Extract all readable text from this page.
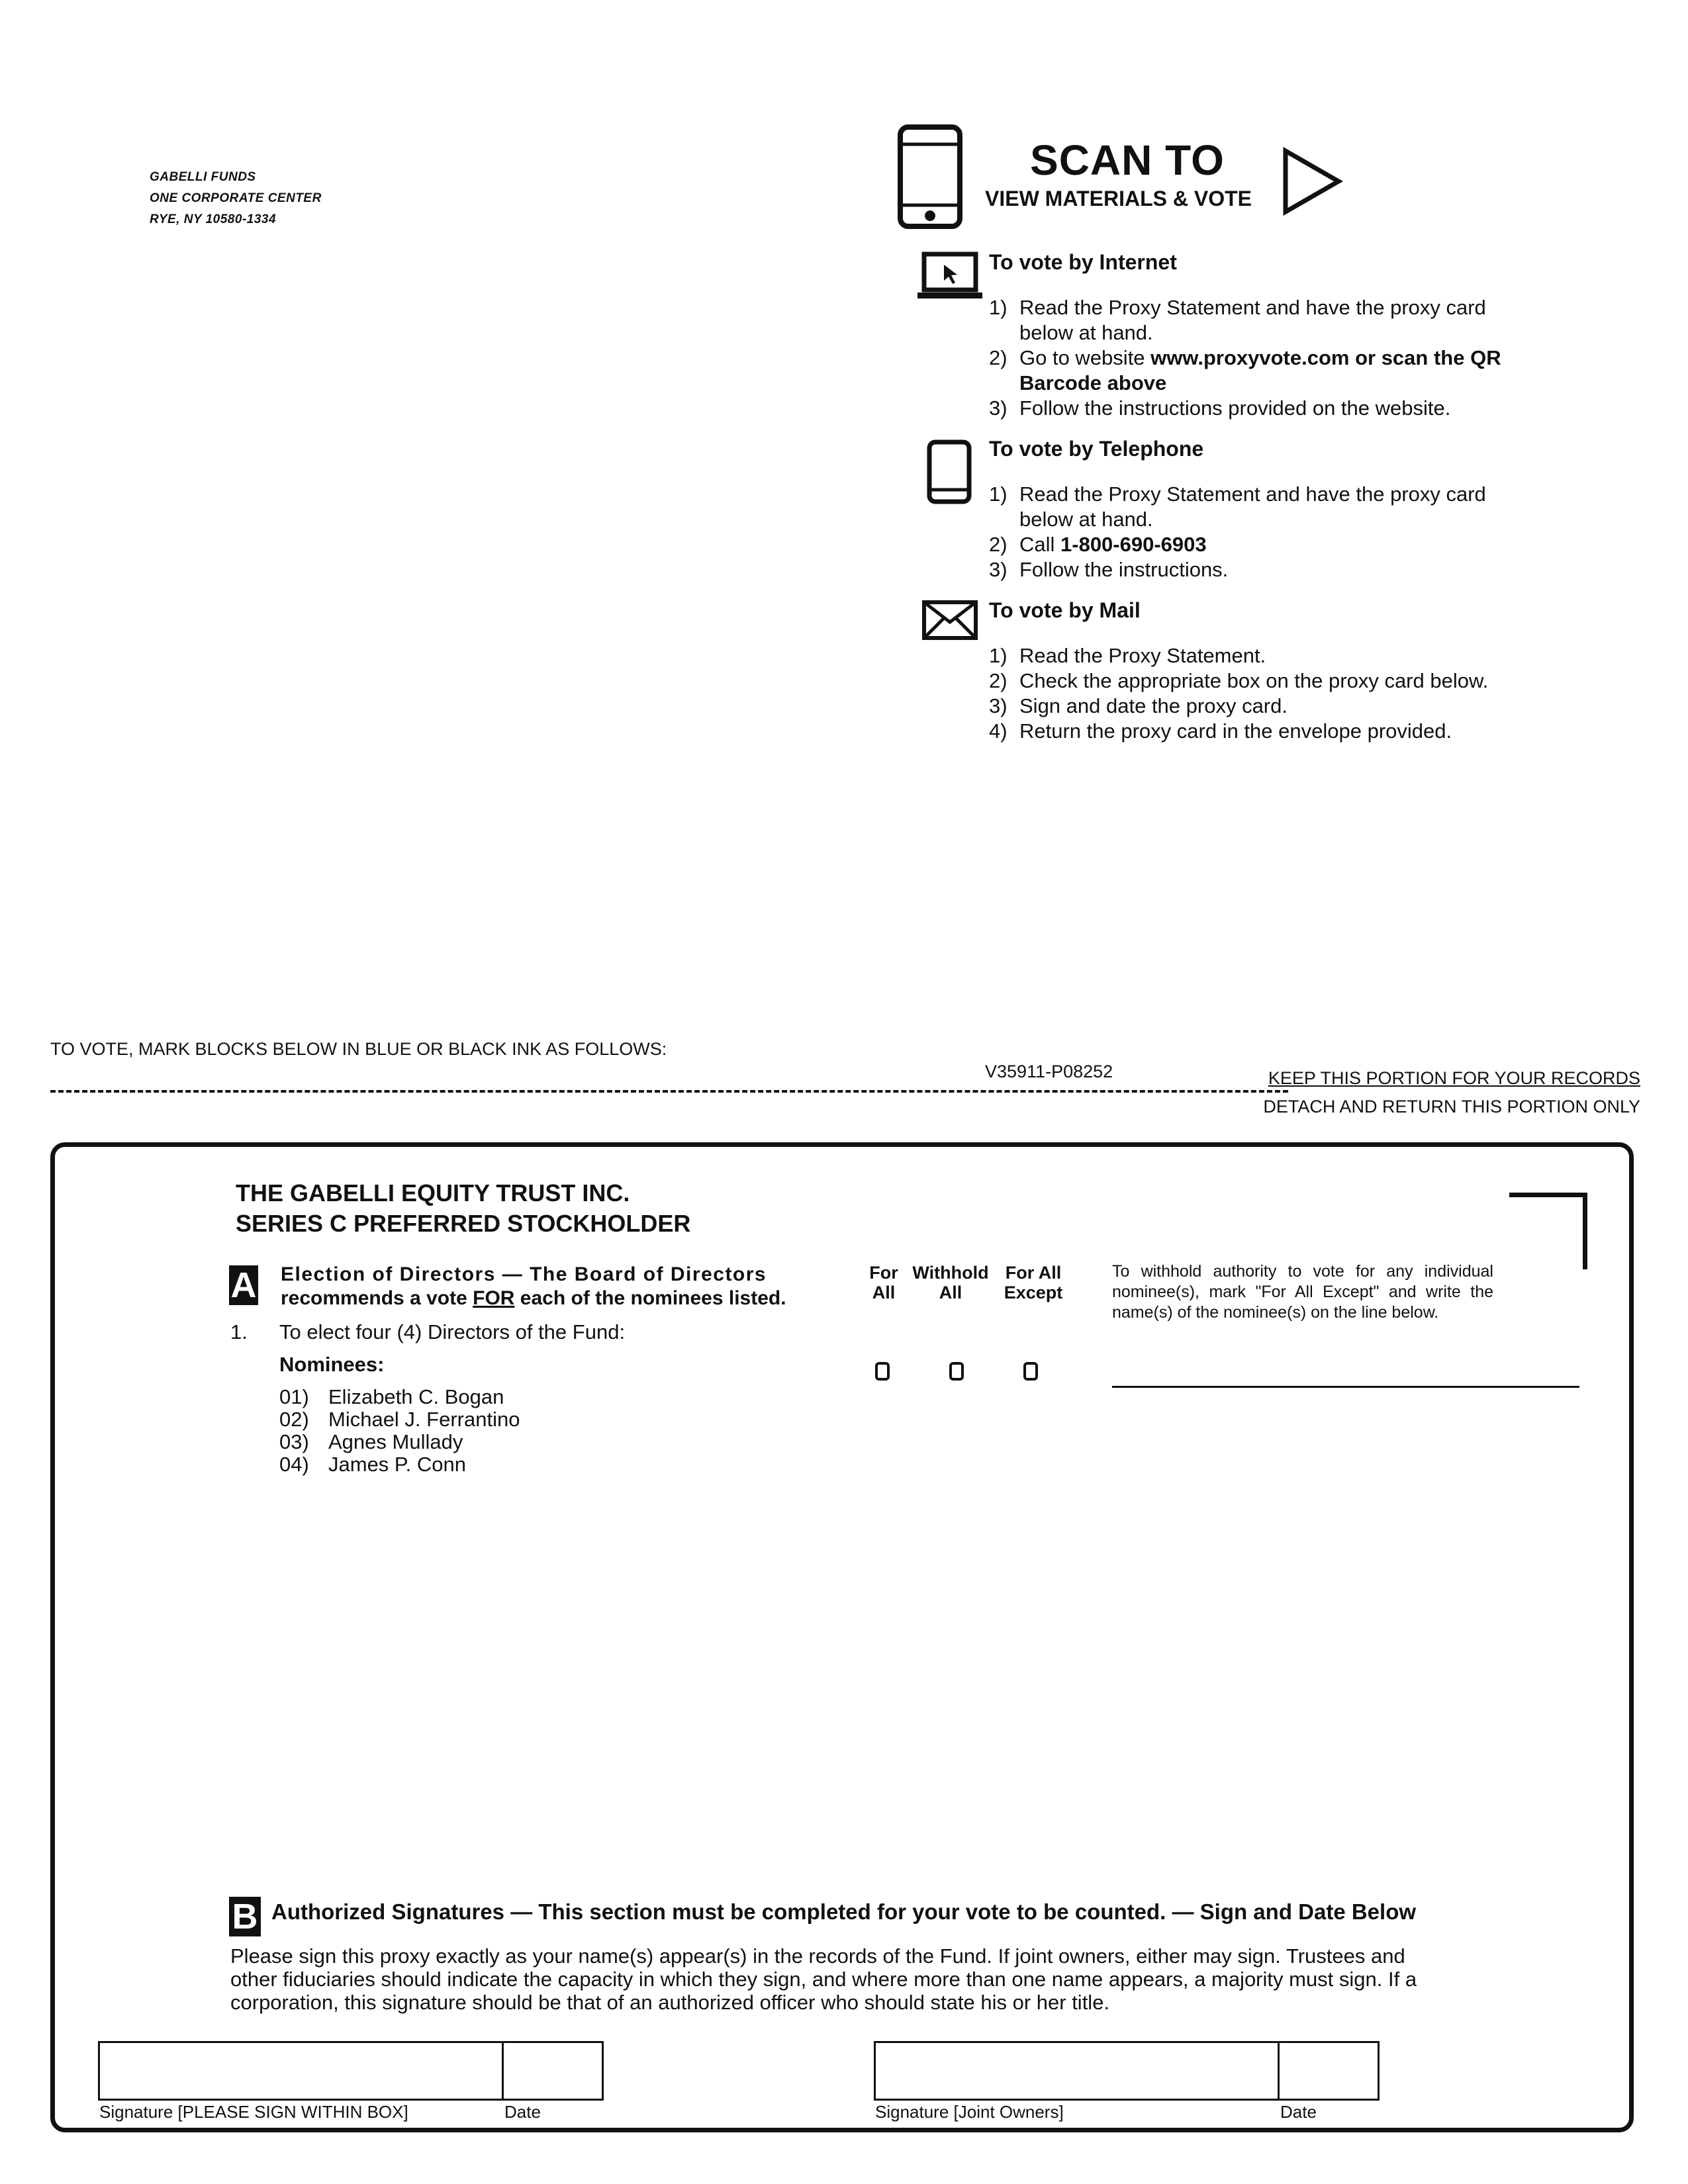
GABELLI FUNDS
ONE CORPORATE CENTER
RYE, NY 10580-1334
SCAN TO
VIEW MATERIALS & VOTE
To vote by Internet
1) Read the Proxy Statement and have the proxy card below at hand.
2) Go to website www.proxyvote.com or scan the QR Barcode above
3) Follow the instructions provided on the website.
To vote by Telephone
1) Read the Proxy Statement and have the proxy card below at hand.
2) Call 1-800-690-6903
3) Follow the instructions.
To vote by Mail
1) Read the Proxy Statement.
2) Check the appropriate box on the proxy card below.
3) Sign and date the proxy card.
4) Return the proxy card in the envelope provided.
TO VOTE, MARK BLOCKS BELOW IN BLUE OR BLACK INK AS FOLLOWS:
V35911-P08252	KEEP THIS PORTION FOR YOUR RECORDS
DETACH AND RETURN THIS PORTION ONLY
THE GABELLI EQUITY TRUST INC.
SERIES C PREFERRED STOCKHOLDER
A Election of Directors — The Board of Directors
recommends a vote FOR each of the nominees listed.
1. To elect four (4) Directors of the Fund:
Nominees:
01) Elizabeth C. Bogan
02) Michael J. Ferrantino
03) Agnes Mullady
04) James P. Conn
For
All
Withhold
All
For All
Except
To withhold authority to vote for any individual nominee(s), mark "For All Except" and write the name(s) of the nominee(s) on the line below.
B Authorized Signatures — This section must be completed for your vote to be counted. — Sign and Date Below
Please sign this proxy exactly as your name(s) appear(s) in the records of the Fund. If joint owners, either may sign. Trustees and other fiduciaries should indicate the capacity in which they sign, and where more than one name appears, a majority must sign. If a corporation, this signature should be that of an authorized officer who should state his or her title.
Signature [PLEASE SIGN WITHIN BOX]	Date	Signature [Joint Owners]	Date
